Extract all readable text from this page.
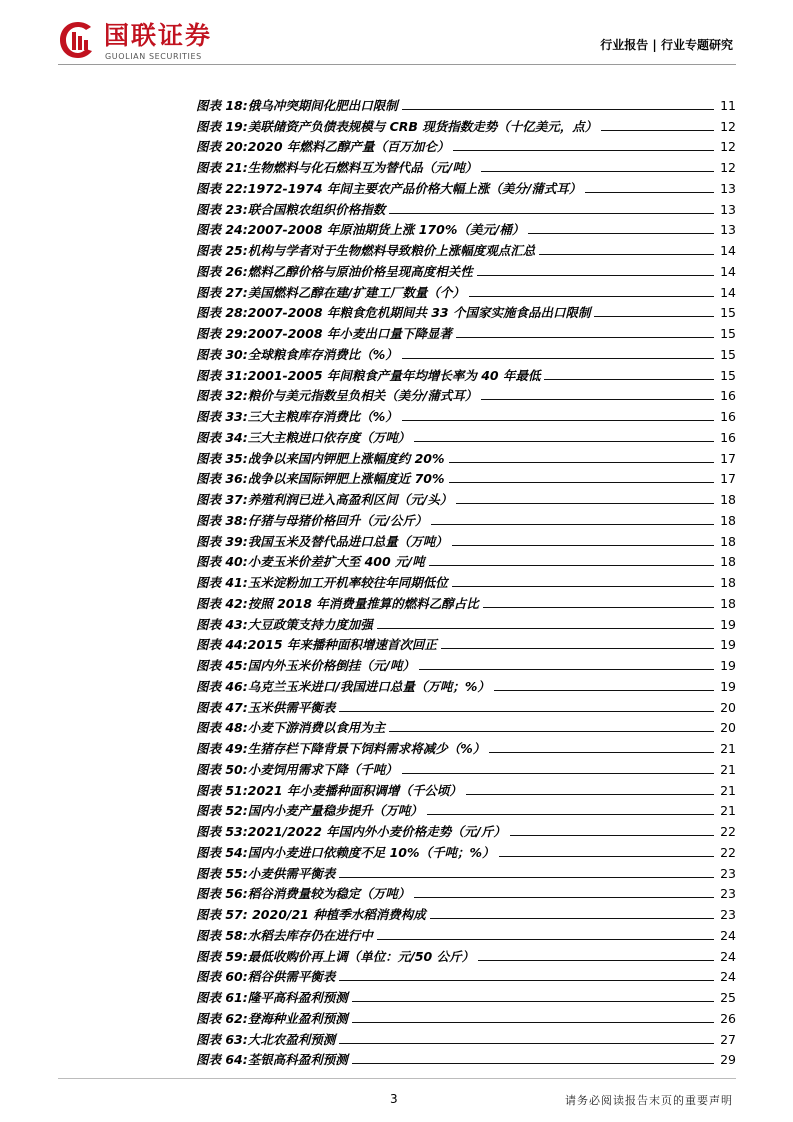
国联证券
GUOLIAN SECURITIES
行业报告 | 行业专题研究
图表 18: 俄乌冲突期间化肥出口限制	11
图表 19: 美联储资产负债表规模与 CRB 现货指数走势（十亿美元，点）	12
图表 20: 2020 年燃料乙醇产量（百万加仑）	12
图表 21: 生物燃料与化石燃料互为替代品（元/吨）	12
图表 22: 1972-1974 年间主要农产品价格大幅上涨（美分/蒲式耳）	13
图表 23: 联合国粮农组织价格指数	13
图表 24: 2007-2008 年原油期货上涨 170%（美元/桶）	13
图表 25: 机构与学者对于生物燃料导致粮价上涨幅度观点汇总	14
图表 26: 燃料乙醇价格与原油价格呈现高度相关性	14
图表 27: 美国燃料乙醇在建/扩建工厂数量（个）	14
图表 28: 2007-2008 年粮食危机期间共 33 个国家实施食品出口限制	15
图表 29: 2007-2008 年小麦出口量下降显著	15
图表 30: 全球粮食库存消费比（%）	15
图表 31: 2001-2005 年间粮食产量年均增长率为 40 年最低	15
图表 32: 粮价与美元指数呈负相关（美分/蒲式耳）	16
图表 33: 三大主粮库存消费比（%）	16
图表 34: 三大主粮进口依存度（万吨）	16
图表 35: 战争以来国内钾肥上涨幅度约 20%	17
图表 36: 战争以来国际钾肥上涨幅度近 70%	17
图表 37: 养殖利润已进入高盈利区间（元/头）	18
图表 38: 仔猪与母猪价格回升（元/公斤）	18
图表 39: 我国玉米及替代品进口总量（万吨）	18
图表 40: 小麦玉米价差扩大至 400 元/吨	18
图表 41: 玉米淀粉加工开机率较往年同期低位	18
图表 42: 按照 2018 年消费量推算的燃料乙醇占比	18
图表 43: 大豆政策支持力度加强	19
图表 44: 2015 年来播种面积增速首次回正	19
图表 45: 国内外玉米价格倒挂（元/吨）	19
图表 46: 乌克兰玉米进口/我国进口总量（万吨；%）	19
图表 47: 玉米供需平衡表	20
图表 48: 小麦下游消费以食用为主	20
图表 49: 生猪存栏下降背景下饲料需求将减少（%）	21
图表 50: 小麦饲用需求下降（千吨）	21
图表 51: 2021 年小麦播种面积调增（千公顷）	21
图表 52: 国内小麦产量稳步提升（万吨）	21
图表 53: 2021/2022 年国内外小麦价格走势（元/斤）	22
图表 54: 国内小麦进口依赖度不足 10%（千吨；%）	22
图表 55: 小麦供需平衡表	23
图表 56: 稻谷消费量较为稳定（万吨）	23
图表 57: 2020/21 种植季水稻消费构成	23
图表 58: 水稻去库存仍在进行中	24
图表 59: 最低收购价再上调（单位：元/50 公斤）	24
图表 60: 稻谷供需平衡表	24
图表 61: 隆平高科盈利预测	25
图表 62: 登海种业盈利预测	26
图表 63: 大北农盈利预测	27
图表 64: 荃银高科盈利预测	29
3	请务必阅读报告末页的重要声明
